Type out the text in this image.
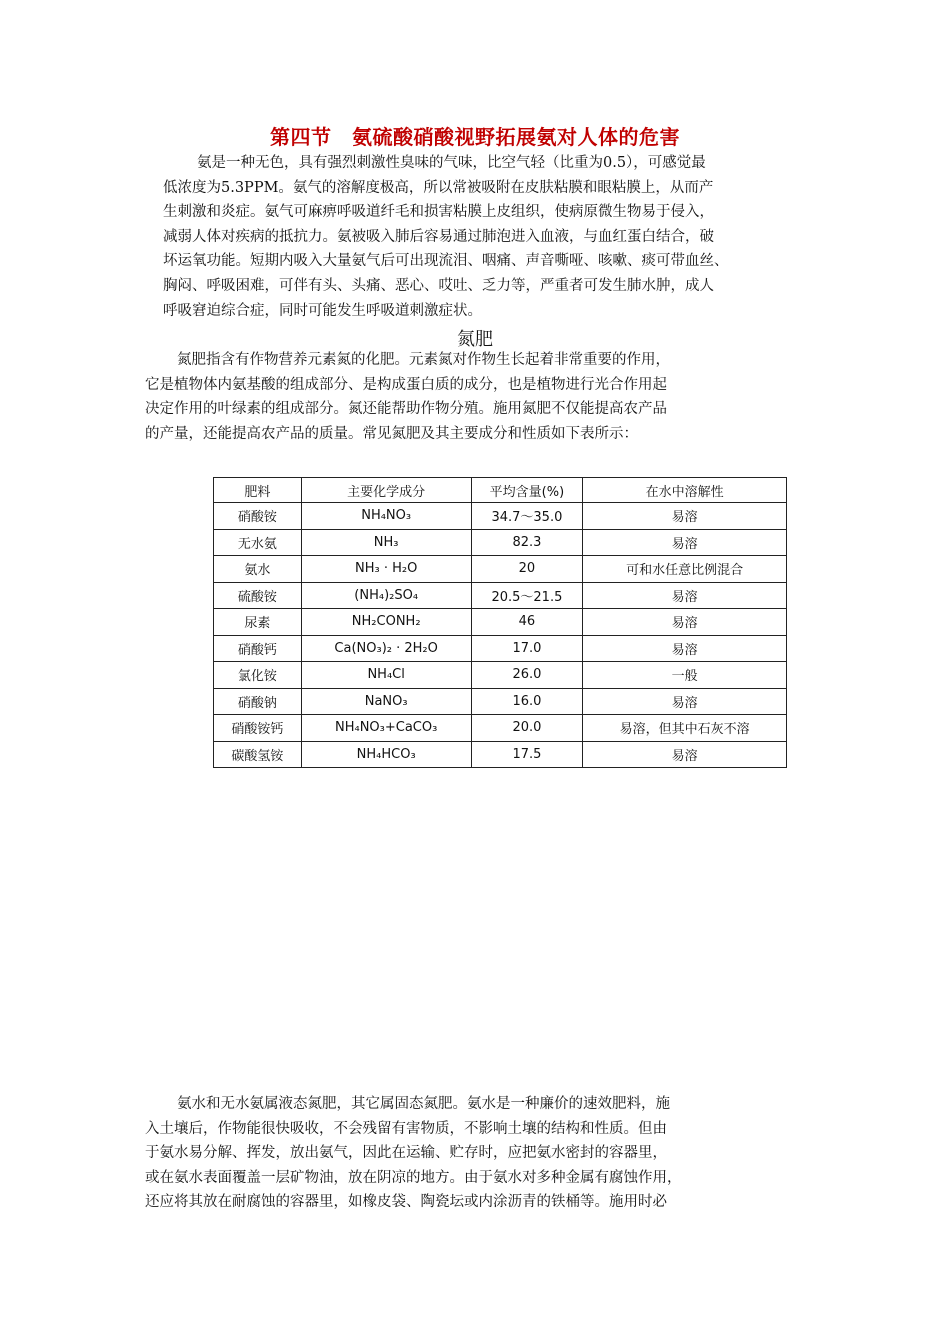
第四节　氨硫酸硝酸视野拓展氨对人体的危害
氨是一种无色，具有强烈刺激性臭味的气味，比空气轻（比重为0.5），可感觉最
低浓度为5.3PPM。氨气的溶解度极高，所以常被吸附在皮肤粘膜和眼粘膜上，从而产
生刺激和炎症。氨气可麻痹呼吸道纤毛和损害粘膜上皮组织，使病原微生物易于侵入，
减弱人体对疾病的抵抗力。氨被吸入肺后容易通过肺泡进入血液，与血红蛋白结合，破
坏运氧功能。短期内吸入大量氨气后可出现流泪、咽痛、声音嘶哑、咳嗽、痰可带血丝、
胸闷、呼吸困难，可伴有头、头痛、恶心、哎吐、乏力等，严重者可发生肺水肿，成人
呼吸窘迫综合症，同时可能发生呼吸道刺激症状。
氮肥
氮肥指含有作物营养元素氮的化肥。元素氮对作物生长起着非常重要的作用，
它是植物体内氨基酸的组成部分、是构成蛋白质的成分，也是植物进行光合作用起
决定作用的叶绿素的组成部分。氮还能帮助作物分殖。施用氮肥不仅能提高农产品
的产量，还能提高农产品的质量。常见氮肥及其主要成分和性质如下表所示：
肥料	主要化学成分	平均含量(%)	在水中溶解性
硝酸铵	NH₄NO₃	34.7～35.0	易溶
无水氨	NH₃	82.3	易溶
氨水	NH₃ · H₂O	20	可和水任意比例混合
硫酸铵	(NH₄)₂SO₄	20.5～21.5	易溶
尿素	NH₂CONH₂	46	易溶
硝酸钙	Ca(NO₃)₂ · 2H₂O	17.0	易溶
氯化铵	NH₄Cl	26.0	一般
硝酸钠	NaNO₃	16.0	易溶
硝酸铵钙	NH₄NO₃+CaCO₃	20.0	易溶，但其中石灰不溶
碳酸氢铵	NH₄HCO₃	17.5	易溶
氨水和无水氨属液态氮肥，其它属固态氮肥。氨水是一种廉价的速效肥料，施
入土壤后，作物能很快吸收，不会残留有害物质，不影响土壤的结构和性质。但由
于氨水易分解、挥发，放出氨气，因此在运输、贮存时，应把氨水密封的容器里，
或在氨水表面覆盖一层矿物油，放在阴凉的地方。由于氨水对多种金属有腐蚀作用，
还应将其放在耐腐蚀的容器里，如橡皮袋、陶瓷坛或内涂沥青的铁桶等。施用时必
